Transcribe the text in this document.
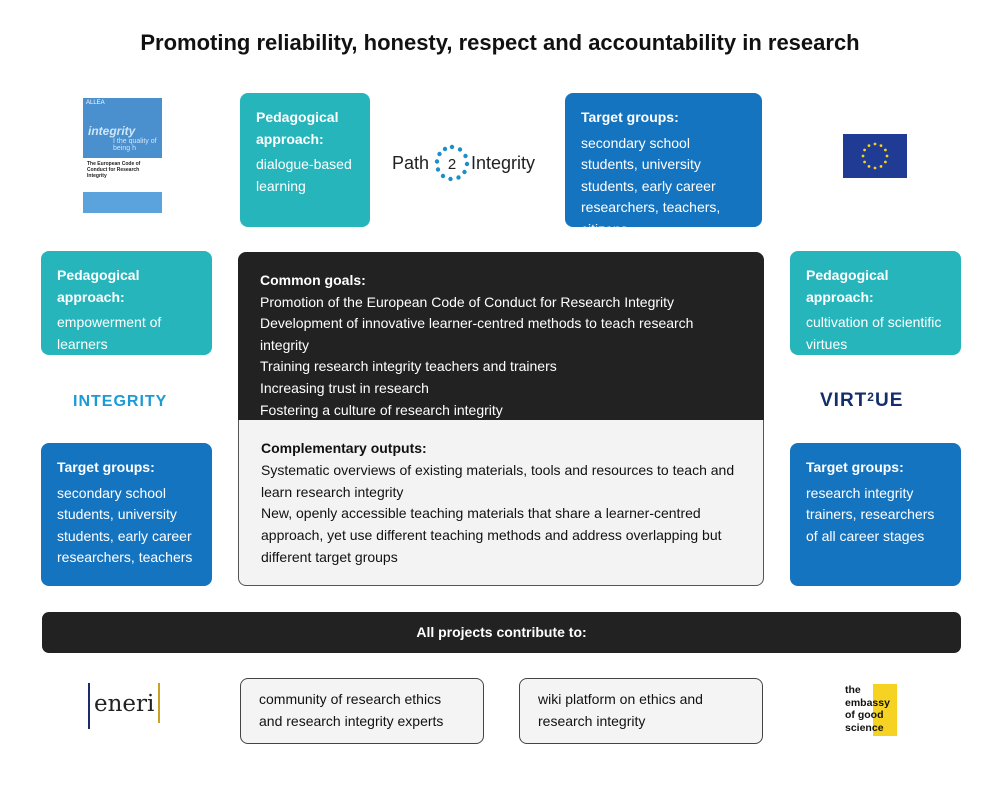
Promoting reliability, honesty, respect and accountability in research
ALLEA
integrity
I the quality of being h
The European Code of Conduct for Research Integrity
Pedagogical approach:
dialogue-based learning
Path 2 Integrity
Target groups:
secondary school students, university students, early career researchers, teachers, citizens
Pedagogical approach:
empowerment of learners
INTEGRITY
Target groups:
secondary school students, university students, early career researchers, teachers
Common goals:
Promotion of the European Code of Conduct for Research Integrity
Development of innovative learner-centred methods to teach research integrity
Training research integrity teachers and trainers
Increasing trust in research
Fostering a culture of research integrity
Complementary outputs:
Systematic overviews of existing materials, tools and resources to teach and learn research integrity
New, openly accessible teaching materials that share a learner-centred approach, yet use different teaching methods and address overlapping but different target groups
Pedagogical approach:
cultivation of scientific virtues
VIRT$^2$UE
Target groups:
research integrity trainers, researchers of all career stages
All projects contribute to:
eneri	community of research ethics and research integrity experts
wiki platform on ethics and research integrity
the
embassy
of good
science
